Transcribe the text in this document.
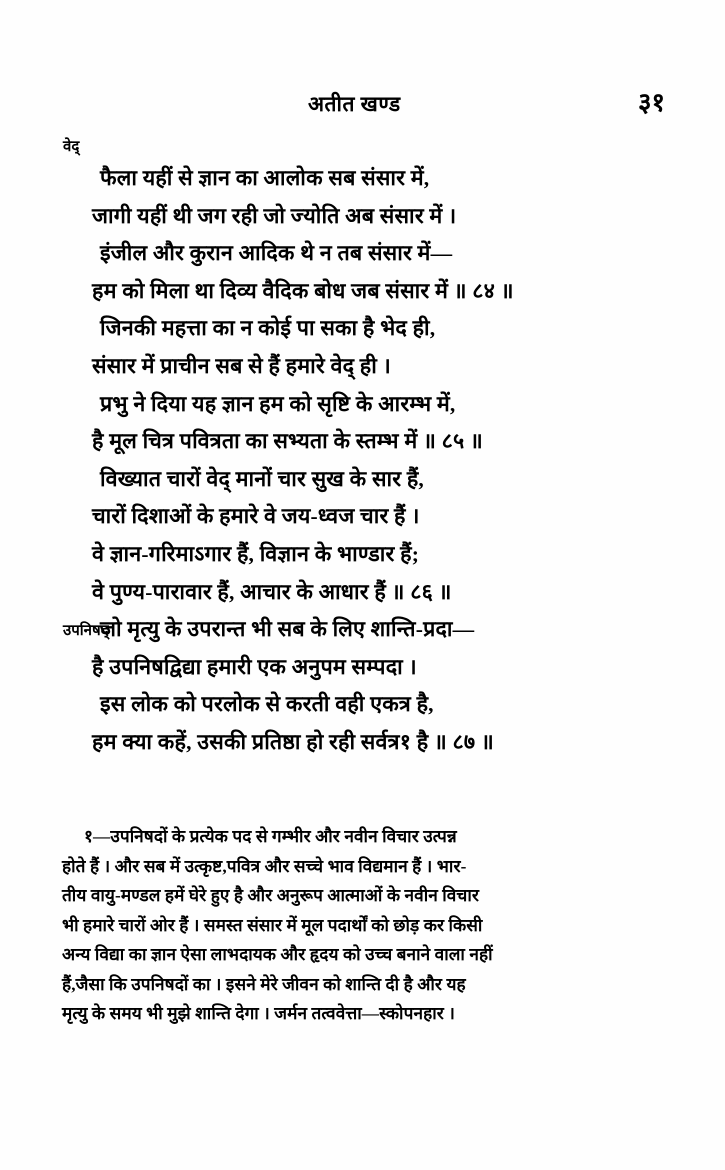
अतीत खण्ड	३१
वेद्
उपनिषद्
फैला यहीं से ज्ञान का आलोक सब संसार में,
जागी यहीं थी जग रही जो ज्योति अब संसार में ।
इंजील और कुरान आदिक थे न तब संसार में—
हम को मिला था दिव्य वैदिक बोध जब संसार में ॥ ८४ ॥
जिनकी महत्ता का न कोई पा सका है भेद ही,
संसार में प्राचीन सब से हैं हमारे वेद् ही ।
प्रभु ने दिया यह ज्ञान हम को सृष्टि के आरम्भ में,
है मूल चित्र पवित्रता का सभ्यता के स्तम्भ में ॥ ८५ ॥
विख्यात चारों वेद् मानों चार सुख के सार हैं,
चारों दिशाओं के हमारे वे जय-ध्वज चार हैं ।
वे ज्ञान-गरिमाऽगार हैं, विज्ञान के भाण्डार हैं;
वे पुण्य-पारावार हैं, आचार के आधार हैं ॥ ८६ ॥
जो मृत्यु के उपरान्त भी सब के लिए शान्ति-प्रदा—
है उपनिषद्विद्या हमारी एक अनुपम सम्पदा ।
इस लोक को परलोक से करती वही एकत्र है,
हम क्या कहें, उसकी प्रतिष्ठा हो रही सर्वत्र१ है ॥ ८७ ॥
१—उपनिषदों के प्रत्येक पद से गम्भीर और नवीन विचार उत्पन्न
होते हैं । और सब में उत्कृष्ट,पवित्र और सच्चे भाव विद्यमान हैं । भार-
तीय वायु-मण्डल हमें घेरे हुए है और अनुरूप आत्माओं के नवीन विचार
भी हमारे चारों ओर हैं । समस्त संसार में मूल पदार्थों को छोड़ कर किसी
अन्य विद्या का ज्ञान ऐसा लाभदायक और हृदय को उच्च बनाने वाला नहीं
हैं,जैसा कि उपनिषदों का । इसने मेरे जीवन को शान्ति दी है और यह
मृत्यु के समय भी मुझे शान्ति देगा । जर्मन तत्ववेत्ता—स्कोपनहार ।
